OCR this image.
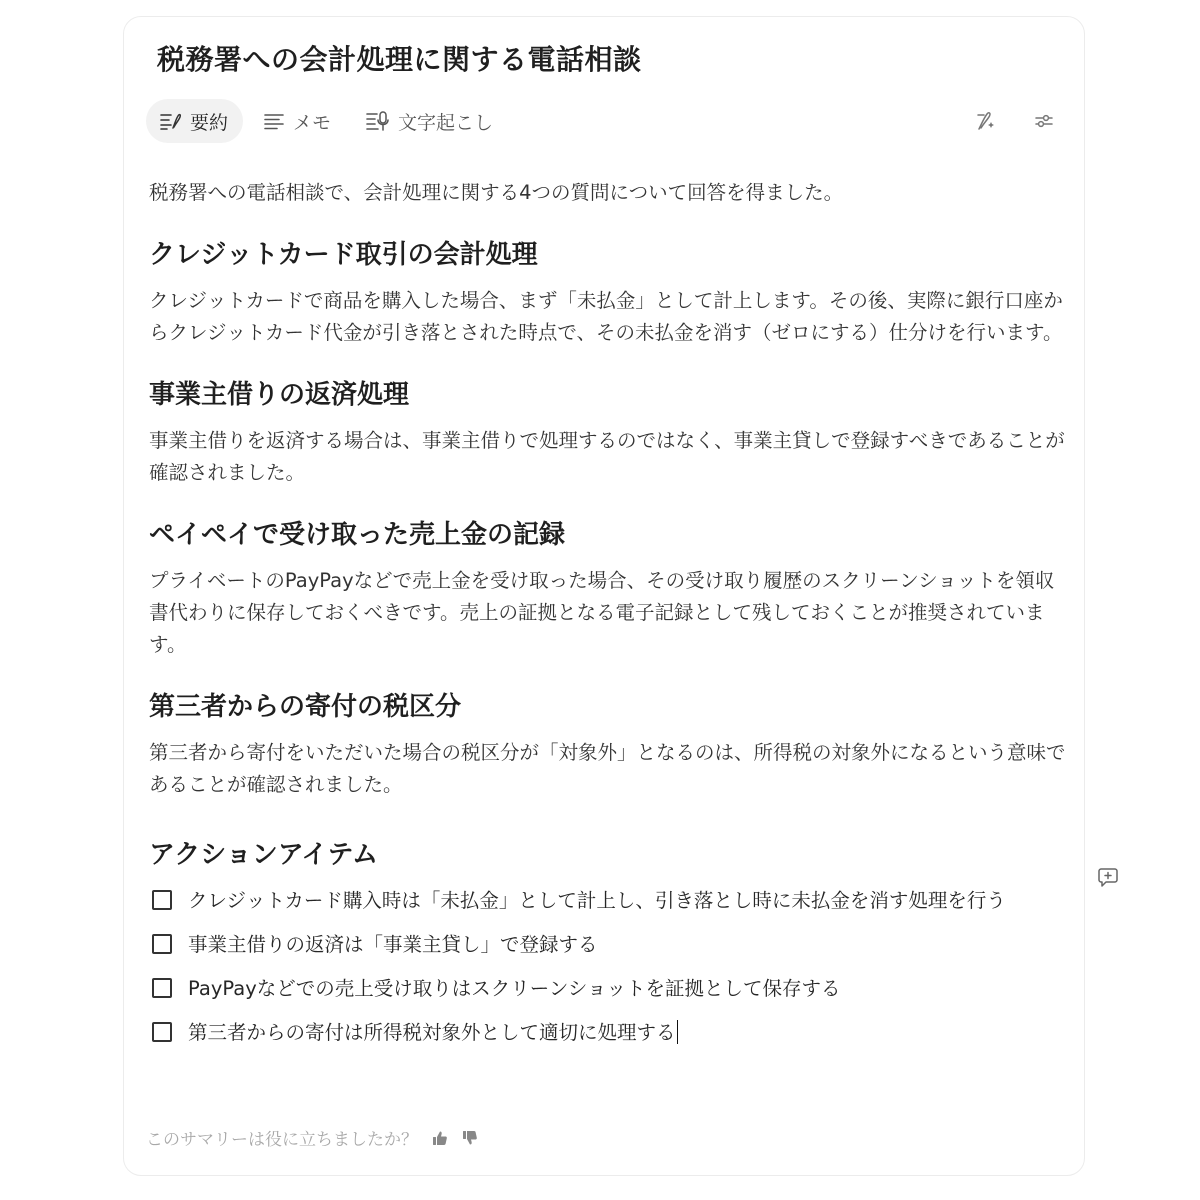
税務署への会計処理に関する電話相談
要約	メモ	文字起こし

税務署への電話相談で、会計処理に関する4つの質問について回答を得ました。

クレジットカード取引の会計処理

クレジットカードで商品を購入した場合、まず「未払金」として計上します。その後、実際に銀行口座からクレジットカード代金が引き落とされた時点で、その未払金を消す（ゼロにする）仕分けを行います。

事業主借りの返済処理

事業主借りを返済する場合は、事業主借りで処理するのではなく、事業主貸しで登録すべきであることが確認されました。

ペイペイで受け取った売上金の記録

プライベートのPayPayなどで売上金を受け取った場合、その受け取り履歴のスクリーンショットを領収書代わりに保存しておくべきです。売上の証拠となる電子記録として残しておくことが推奨されています。

第三者からの寄付の税区分

第三者から寄付をいただいた場合の税区分が「対象外」となるのは、所得税の対象外になるという意味であることが確認されました。

アクションアイテム
クレジットカード購入時は「未払金」として計上し、引き落とし時に未払金を消す処理を行う
事業主借りの返済は「事業主貸し」で登録する
PayPayなどでの売上受け取りはスクリーンショットを証拠として保存する
第三者からの寄付は所得税対象外として適切に処理する
このサマリーは役に立ちましたか？
